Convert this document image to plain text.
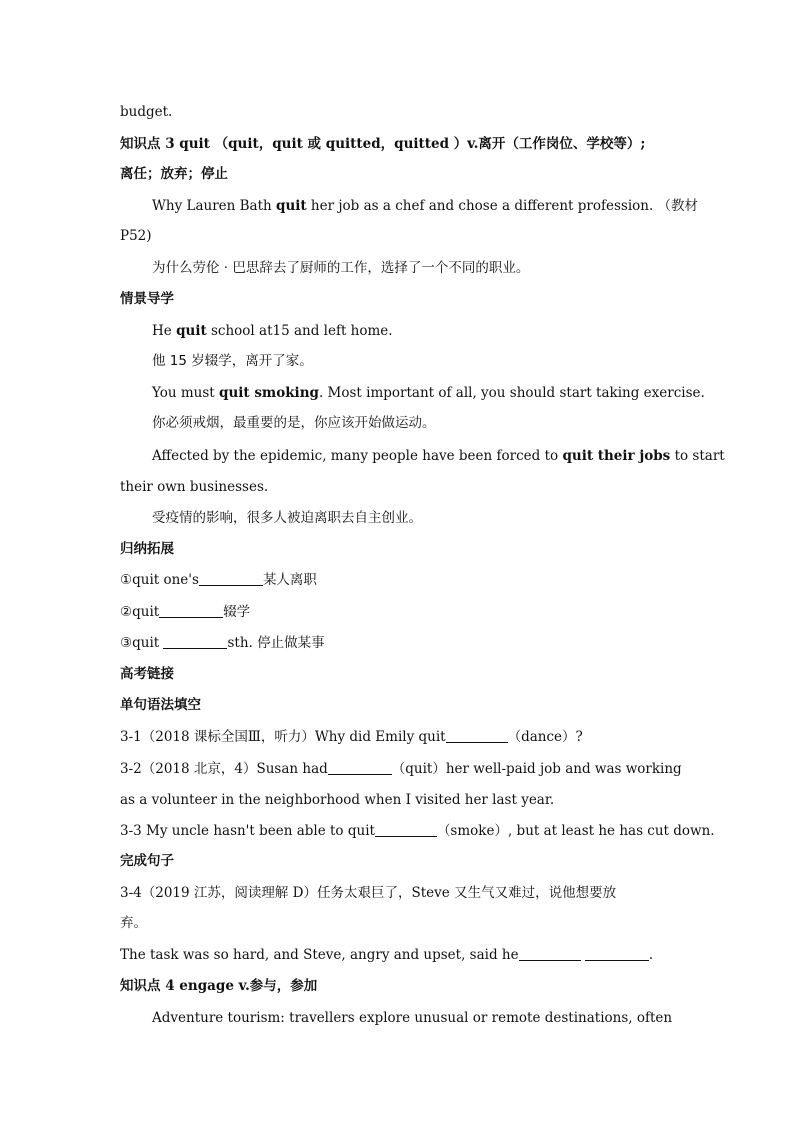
budget.
知识点 3 quit （quit，quit 或 quitted，quitted ）v.离开（工作岗位、学校等）;
离任；放弃；停止
Why Lauren Bath quit her job as a chef and chose a different profession. （教材
P52)
为什么劳伦 · 巴思辞去了厨师的工作，选择了一个不同的职业。
情景导学
He quit school at15 and left home.
他 15 岁辍学，离开了家。
You must quit smoking. Most important of all, you should start taking exercise.
你必须戒烟，最重要的是，你应该开始做运动。
Affected by the epidemic, many people have been forced to quit their jobs to start
their own businesses.
受疫情的影响，很多人被迫离职去自主创业。
归纳拓展
①quit one's	某人离职
②quit	辍学
③quit	sth. 停止做某事
高考链接
单句语法填空
3-1（2018 课标全国Ⅲ，听力）Why did Emily quit	（dance）?
3-2（2018 北京，4）Susan had	（quit）her well-paid job and was working
as a volunteer in the neighborhood when I visited her last year.
3-3 My uncle hasn't been able to quit	（smoke）, but at least he has cut down.
完成句子
3-4（2019 江苏，阅读理解 D）任务太艰巨了，Steve 又生气又难过，说他想要放
弃。
The task was so hard, and Steve, angry and upset, said he	.
知识点 4 engage v.参与，参加
Adventure tourism: travellers explore unusual or remote destinations, often
